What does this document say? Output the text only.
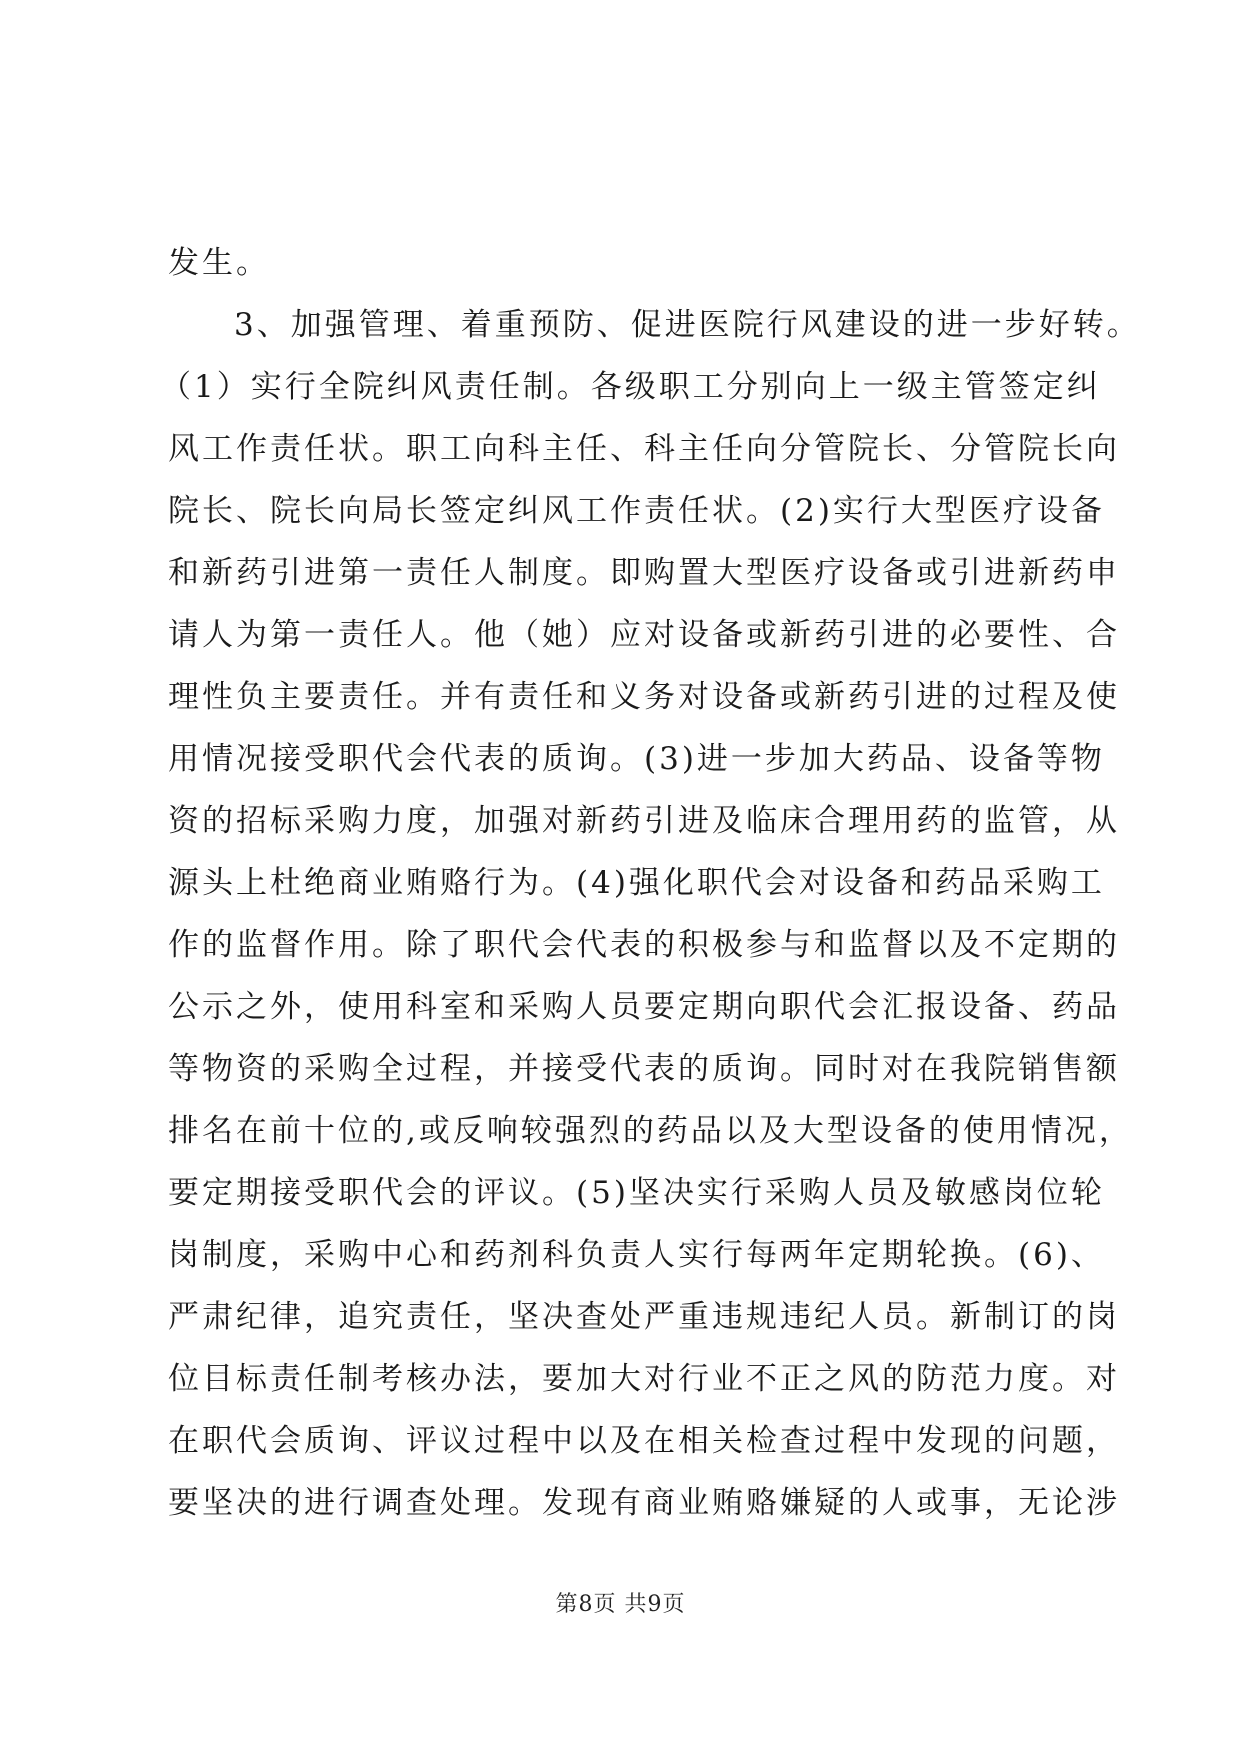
发生。
3、加强管理、着重预防、促进医院行风建设的进一步好转。
（1）实行全院纠风责任制。各级职工分别向上一级主管签定纠
风工作责任状。职工向科主任、科主任向分管院长、分管院长向
院长、院长向局长签定纠风工作责任状。(2)实行大型医疗设备
和新药引进第一责任人制度。即购置大型医疗设备或引进新药申
请人为第一责任人。他（她）应对设备或新药引进的必要性、合
理性负主要责任。并有责任和义务对设备或新药引进的过程及使
用情况接受职代会代表的质询。(3)进一步加大药品、设备等物
资的招标采购力度，加强对新药引进及临床合理用药的监管，从
源头上杜绝商业贿赂行为。(4)强化职代会对设备和药品采购工
作的监督作用。除了职代会代表的积极参与和监督以及不定期的
公示之外，使用科室和采购人员要定期向职代会汇报设备、药品
等物资的采购全过程，并接受代表的质询。同时对在我院销售额
排名在前十位的,或反响较强烈的药品以及大型设备的使用情况，
要定期接受职代会的评议。(5)坚决实行采购人员及敏感岗位轮
岗制度，采购中心和药剂科负责人实行每两年定期轮换。(6)、
严肃纪律，追究责任，坚决查处严重违规违纪人员。新制订的岗
位目标责任制考核办法，要加大对行业不正之风的防范力度。对
在职代会质询、评议过程中以及在相关检查过程中发现的问题，
要坚决的进行调查处理。发现有商业贿赂嫌疑的人或事，无论涉
第8页 共9页
